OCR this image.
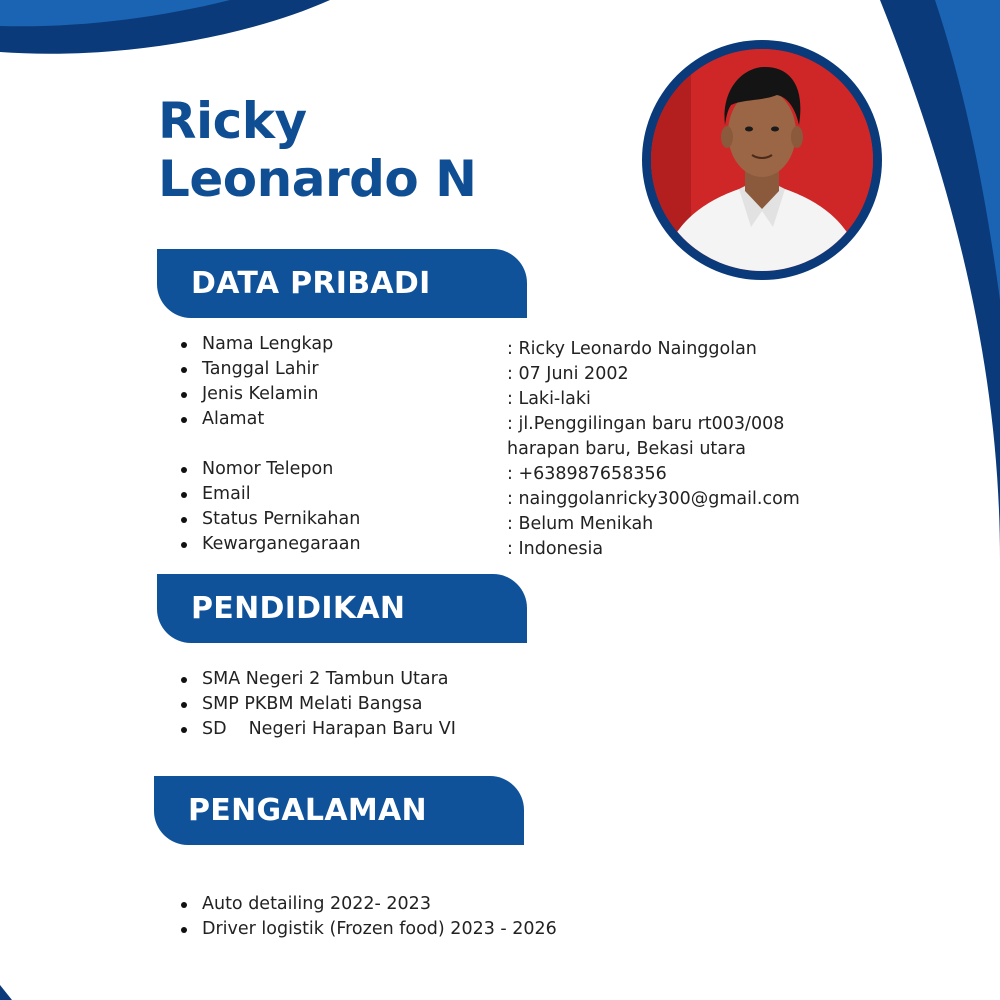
Ricky
Leonardo N
DATA PRIBADI
Nama Lengkap
Tanggal Lahir
Jenis Kelamin
Alamat
Nomor Telepon
Email
Status Pernikahan
Kewarganegaraan
: Ricky Leonardo Nainggolan
: 07 Juni 2002
: Laki-laki
: jl.Penggilingan baru rt003/008
harapan baru, Bekasi utara
: +638987658356
: nainggolanricky300@gmail.com
: Belum Menikah
: Indonesia
PENDIDIKAN
SMA Negeri 2 Tambun Utara
SMP PKBM Melati Bangsa
SD Negeri Harapan Baru VI
PENGALAMAN
Auto detailing 2022- 2023
Driver logistik (Frozen food) 2023 - 2026
